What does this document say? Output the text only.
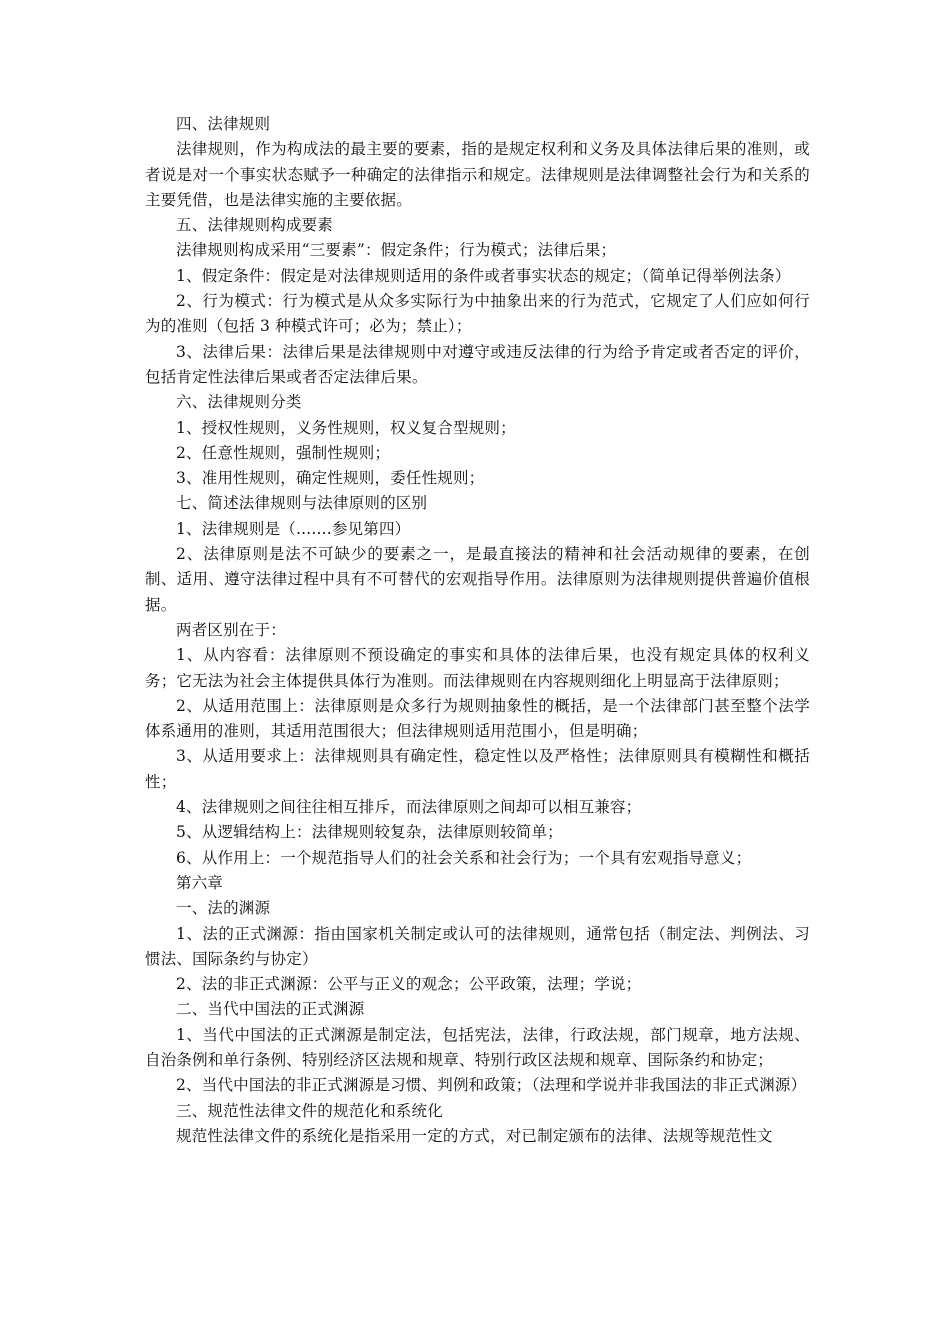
四、法律规则

法律规则，作为构成法的最主要的要素，指的是规定权利和义务及具体法律后果的准则，或者说是对一个事实状态赋予一种确定的法律指示和规定。法律规则是法律调整社会行为和关系的主要凭借，也是法律实施的主要依据。

五、法律规则构成要素

法律规则构成采用“三要素”：假定条件；行为模式；法律后果；

1、假定条件：假定是对法律规则适用的条件或者事实状态的规定；（简单记得举例法条）

2、行为模式：行为模式是从众多实际行为中抽象出来的行为范式，它规定了人们应如何行为的准则（包括 3 种模式许可；必为；禁止）；

3、法律后果：法律后果是法律规则中对遵守或违反法律的行为给予肯定或者否定的评价，包括肯定性法律后果或者否定法律后果。

六、法律规则分类

1、授权性规则，义务性规则，权义复合型规则；

2、任意性规则，强制性规则；

3、准用性规则，确定性规则，委任性规则；

七、简述法律规则与法律原则的区别

1、法律规则是（.......参见第四）

2、法律原则是法不可缺少的要素之一，是最直接法的精神和社会活动规律的要素，在创制、适用、遵守法律过程中具有不可替代的宏观指导作用。法律原则为法律规则提供普遍价值根据。

两者区别在于：

1、从内容看：法律原则不预设确定的事实和具体的法律后果，也没有规定具体的权利义务；它无法为社会主体提供具体行为准则。而法律规则在内容规则细化上明显高于法律原则；

2、从适用范围上：法律原则是众多行为规则抽象性的概括，是一个法律部门甚至整个法学体系通用的准则，其适用范围很大；但法律规则适用范围小，但是明确；

3、从适用要求上：法律规则具有确定性，稳定性以及严格性；法律原则具有模糊性和概括性；

4、法律规则之间往往相互排斥，而法律原则之间却可以相互兼容；

5、从逻辑结构上：法律规则较复杂，法律原则较简单；

6、从作用上：一个规范指导人们的社会关系和社会行为；一个具有宏观指导意义；

第六章

一、法的渊源

1、法的正式渊源：指由国家机关制定或认可的法律规则，通常包括（制定法、判例法、习惯法、国际条约与协定）

2、法的非正式渊源：公平与正义的观念；公平政策，法理；学说；

二、当代中国法的正式渊源

1、当代中国法的正式渊源是制定法，包括宪法，法律，行政法规，部门规章，地方法规、自治条例和单行条例、特别经济区法规和规章、特别行政区法规和规章、国际条约和协定；

2、当代中国法的非正式渊源是习惯、判例和政策；（法理和学说并非我国法的非正式渊源）

三、规范性法律文件的规范化和系统化

规范性法律文件的系统化是指采用一定的方式，对已制定颁布的法律、法规等规范性文
